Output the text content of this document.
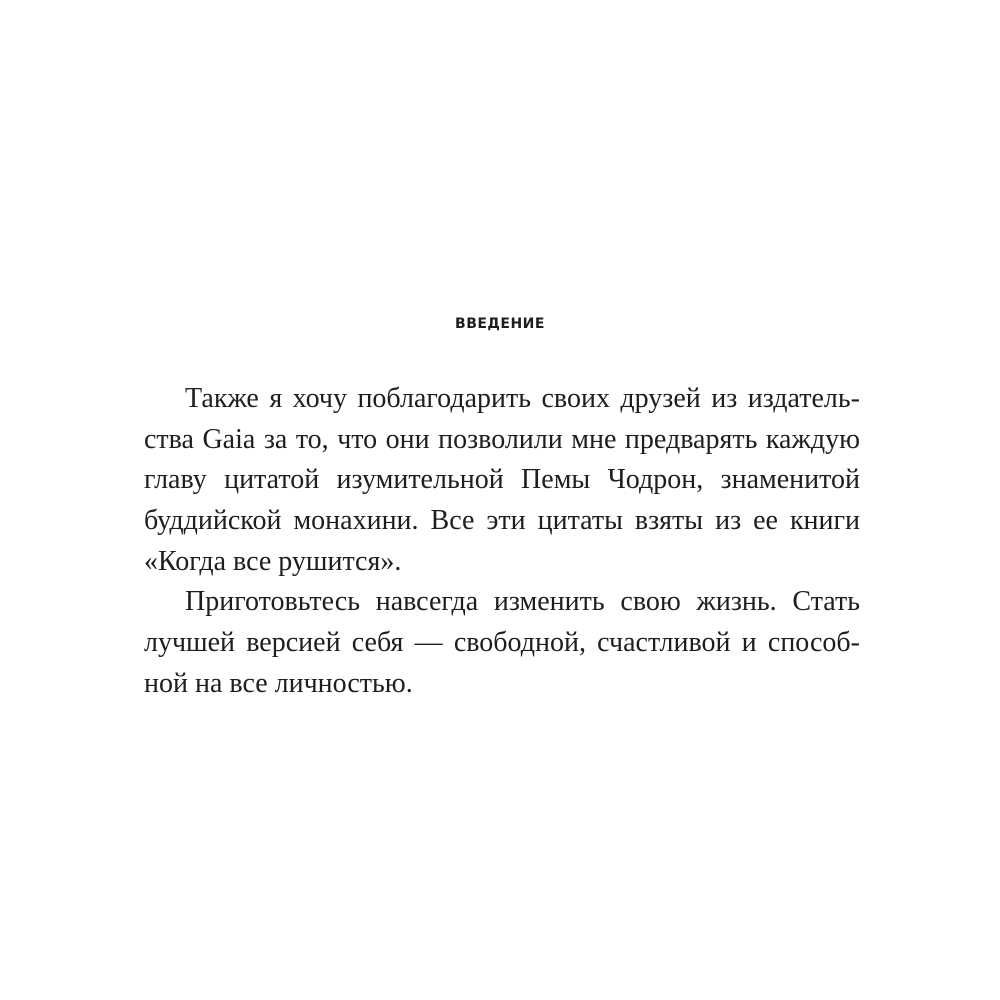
ВВЕДЕНИЕ
Также я хочу поблагодарить своих друзей из издатель-
ства Gaia за то, что они позволили мне предварять каждую
главу цитатой изумительной Пемы Чодрон, знаменитой
буддийской монахини. Все эти цитаты взяты из ее книги
«Когда все рушится».
Приготовьтесь навсегда изменить свою жизнь. Стать
лучшей версией себя — свободной, счастливой и способ-
ной на все личностью.
